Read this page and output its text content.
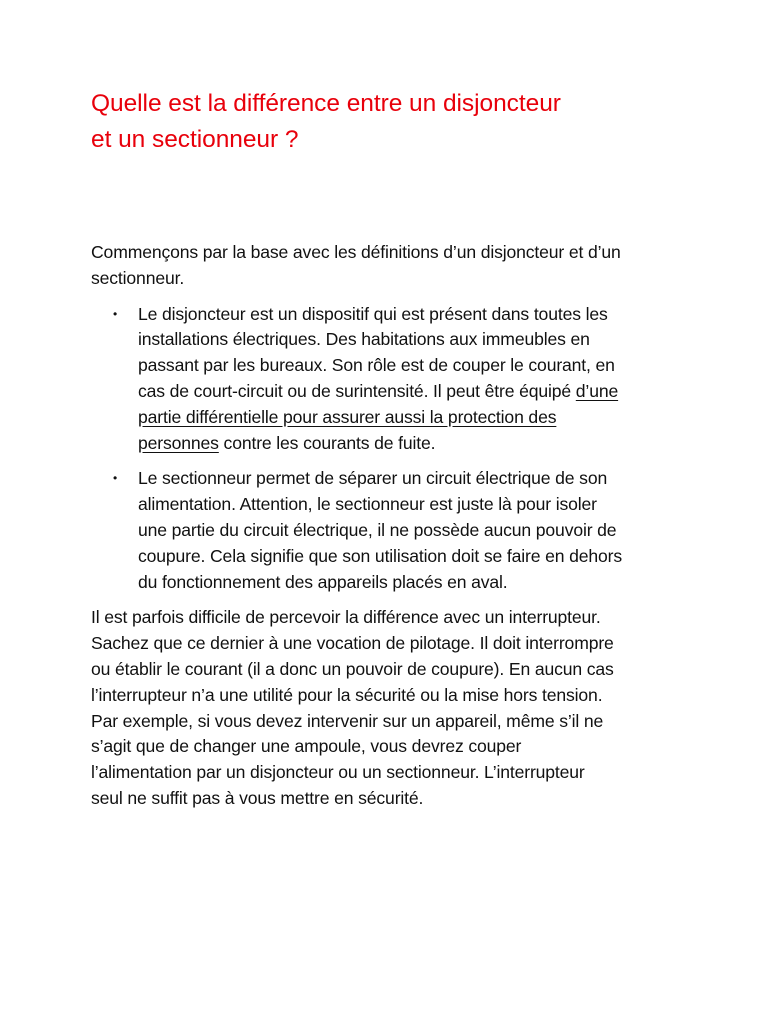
Quelle est la différence entre un disjoncteur
et un sectionneur ?

Commençons par la base avec les définitions d’un disjoncteur et d’un
sectionneur.

• Le disjoncteur est un dispositif qui est présent dans toutes les
installations électriques. Des habitations aux immeubles en
passant par les bureaux. Son rôle est de couper le courant, en
cas de court-circuit ou de surintensité. Il peut être équipé d’une
partie différentielle pour assurer aussi la protection des
personnes contre les courants de fuite.
• Le sectionneur permet de séparer un circuit électrique de son
alimentation. Attention, le sectionneur est juste là pour isoler
une partie du circuit électrique, il ne possède aucun pouvoir de
coupure. Cela signifie que son utilisation doit se faire en dehors
du fonctionnement des appareils placés en aval.

Il est parfois difficile de percevoir la différence avec un interrupteur.
Sachez que ce dernier à une vocation de pilotage. Il doit interrompre
ou établir le courant (il a donc un pouvoir de coupure). En aucun cas
l’interrupteur n’a une utilité pour la sécurité ou la mise hors tension.
Par exemple, si vous devez intervenir sur un appareil, même s’il ne
s’agit que de changer une ampoule, vous devrez couper
l’alimentation par un disjoncteur ou un sectionneur. L’interrupteur
seul ne suffit pas à vous mettre en sécurité.
